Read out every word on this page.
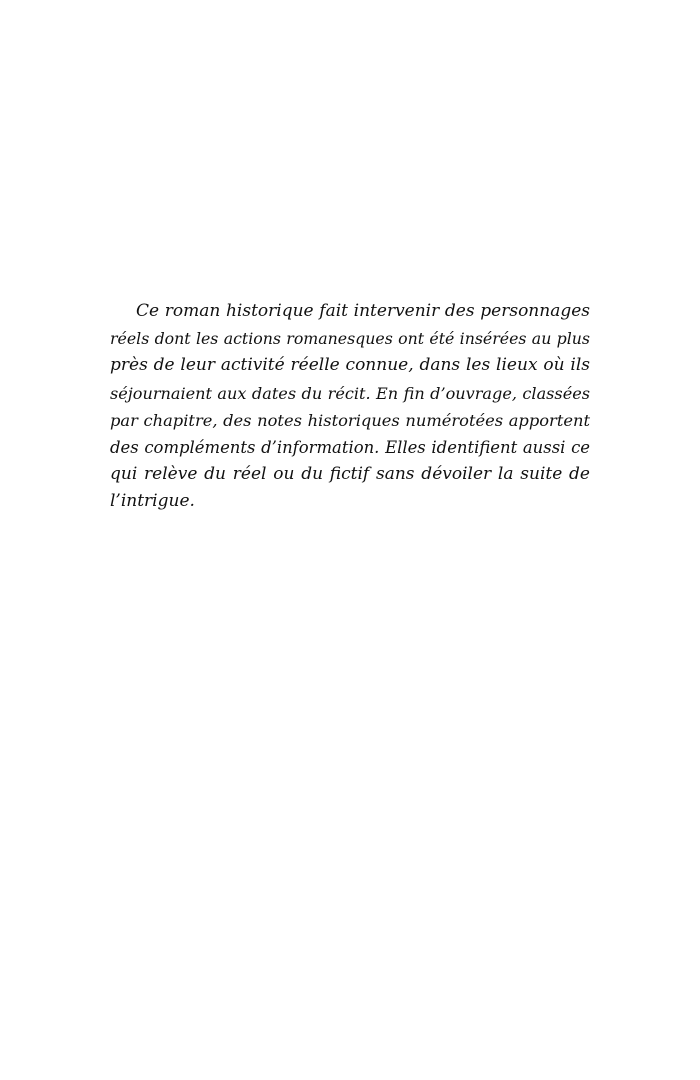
Ce roman historique fait intervenir des personnages
réels dont les actions romanesques ont été insérées au plus
près de leur activité réelle connue, dans les lieux où ils
séjournaient aux dates du récit. En fin d’ouvrage, classées
par chapitre, des notes historiques numérotées apportent
des compléments d’information. Elles identifient aussi ce
qui relève du réel ou du fictif sans dévoiler la suite de
l’intrigue.
